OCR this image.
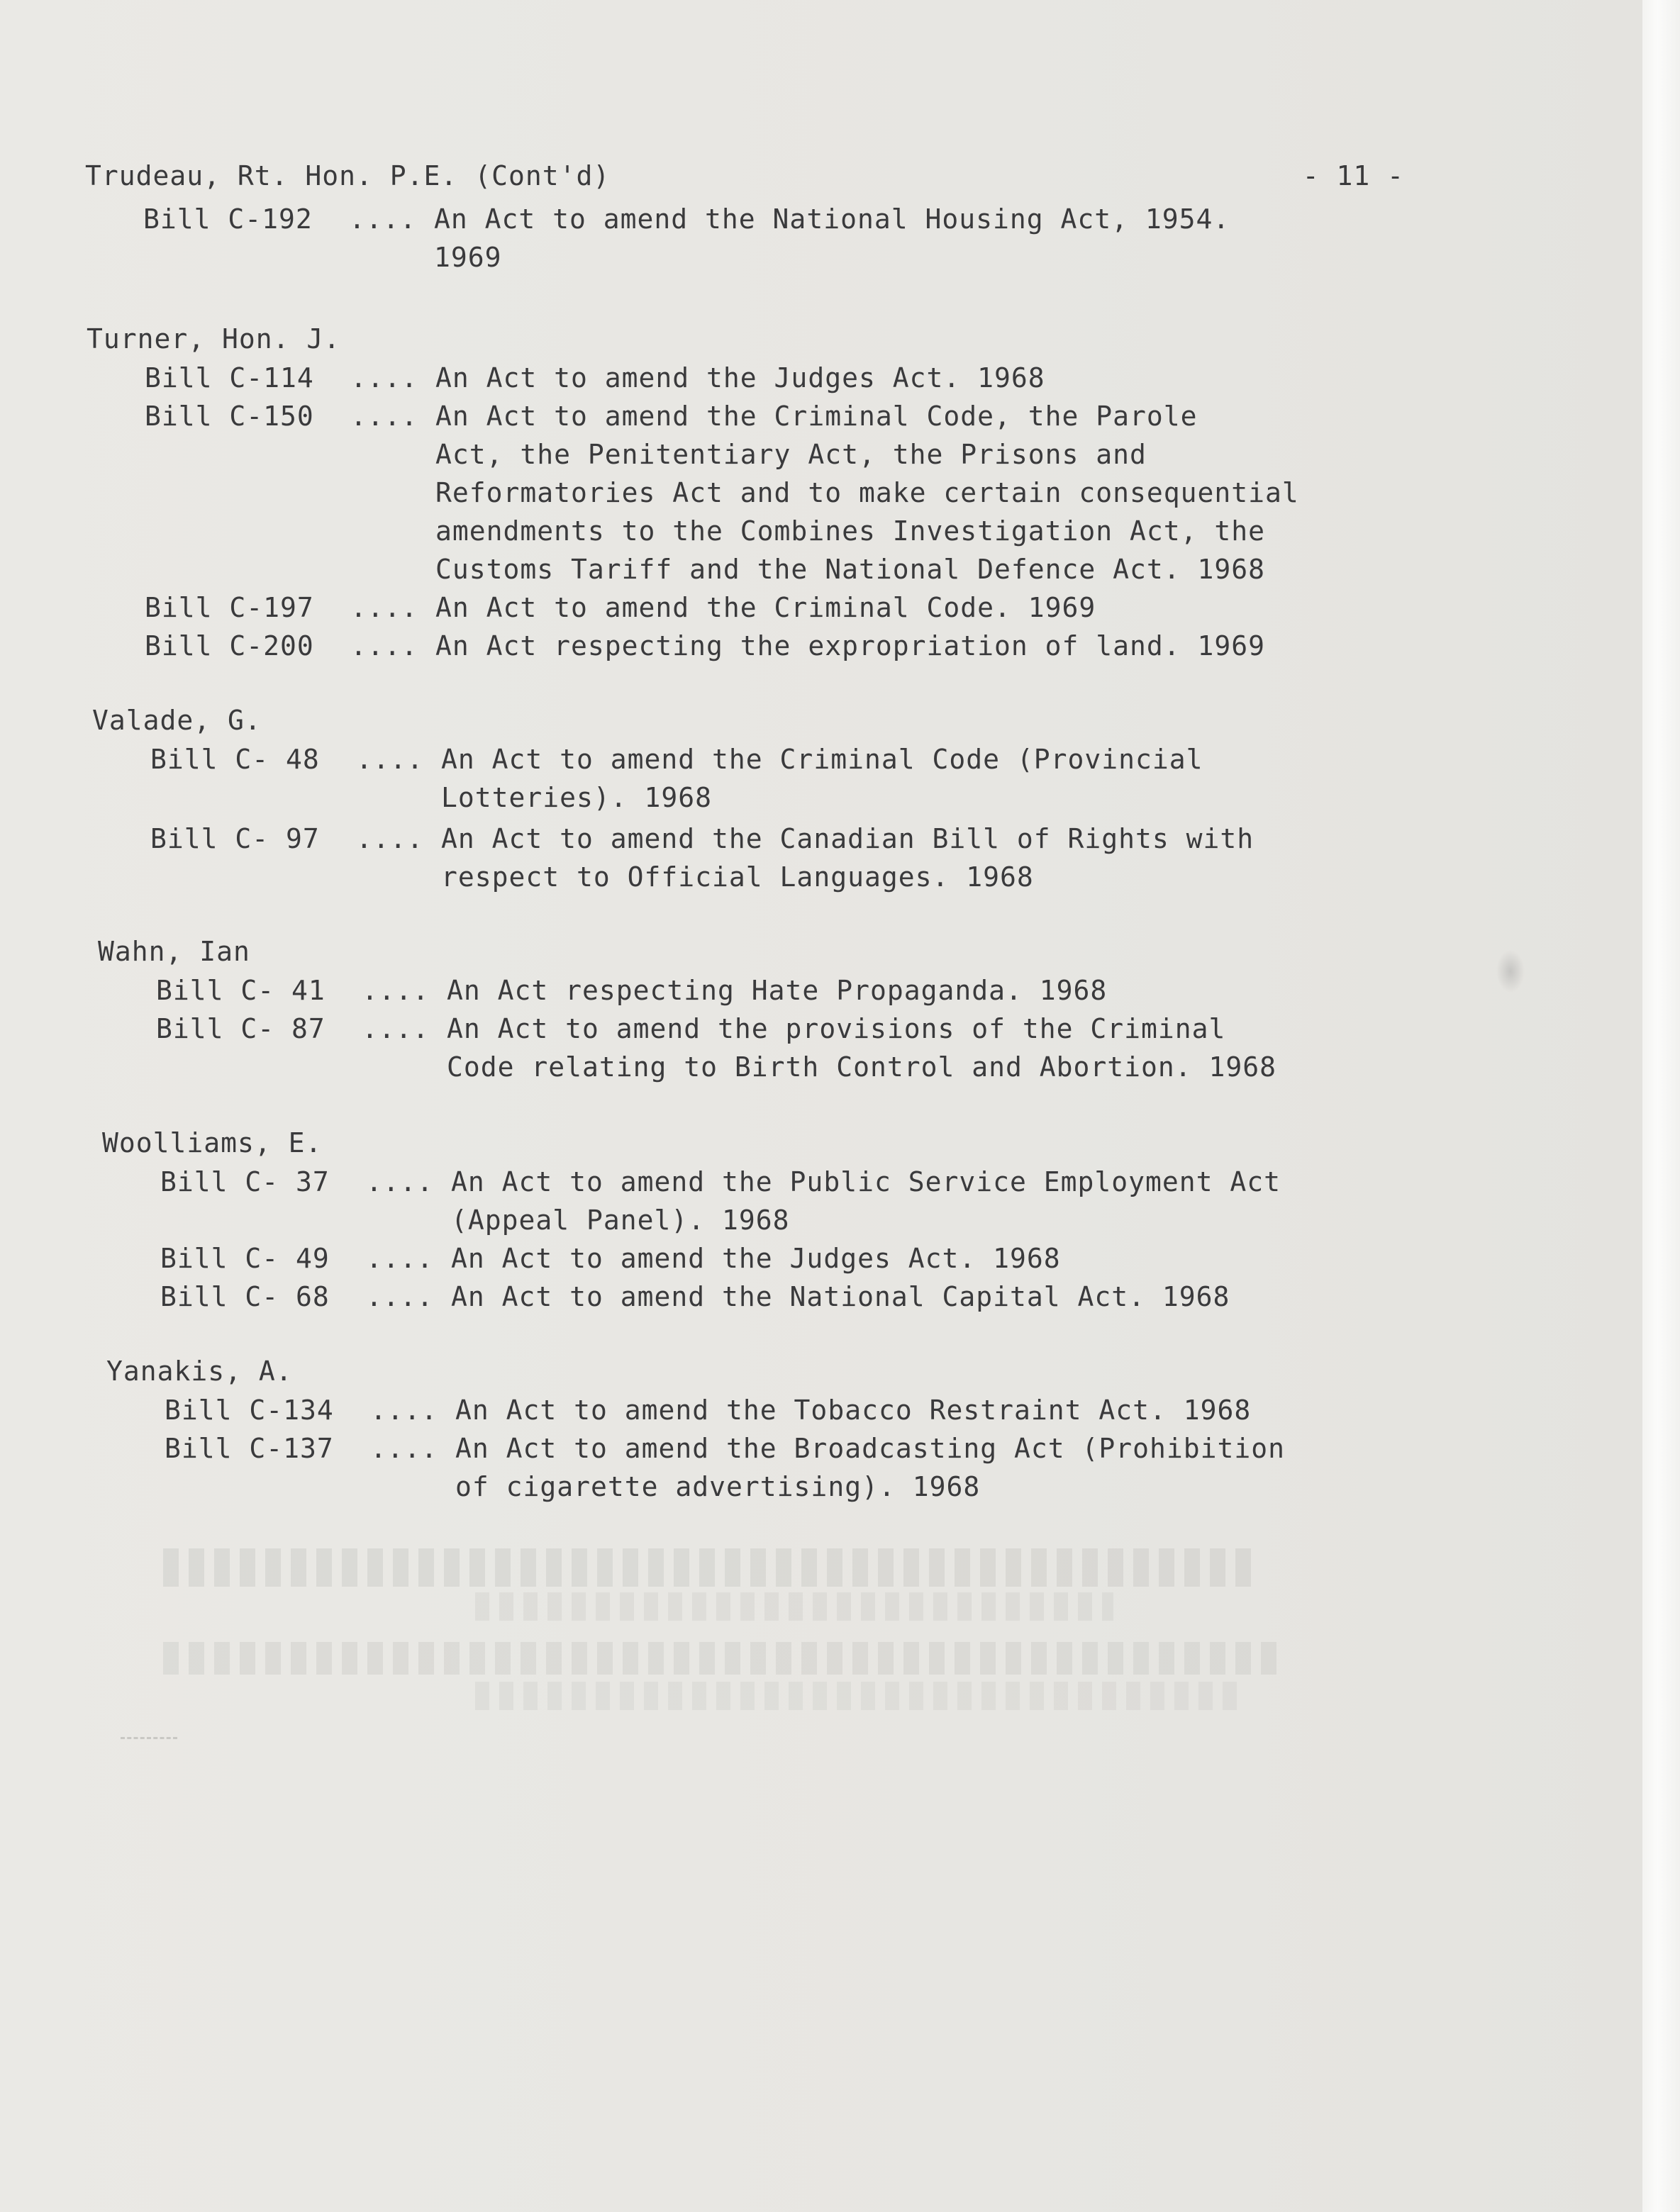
Trudeau, Rt. Hon. P.E. (Cont'd)	- 11 -
Bill C-192	.... An Act to amend the National Housing Act, 1954.
1969
Turner, Hon. J.
Bill C-114	.... An Act to amend the Judges Act. 1968
Bill C-150	.... An Act to amend the Criminal Code, the Parole
Act, the Penitentiary Act, the Prisons and
Reformatories Act and to make certain consequential
amendments to the Combines Investigation Act, the
Customs Tariff and the National Defence Act. 1968
Bill C-197	.... An Act to amend the Criminal Code. 1969
Bill C-200	.... An Act respecting the expropriation of land. 1969
Valade, G.
Bill C- 48	.... An Act to amend the Criminal Code (Provincial
Lotteries). 1968
Bill C- 97	.... An Act to amend the Canadian Bill of Rights with
respect to Official Languages. 1968
Wahn, Ian
Bill C- 41	.... An Act respecting Hate Propaganda. 1968
Bill C- 87	.... An Act to amend the provisions of the Criminal
Code relating to Birth Control and Abortion. 1968
Woolliams, E.
Bill C- 37	.... An Act to amend the Public Service Employment Act
(Appeal Panel). 1968
Bill C- 49	.... An Act to amend the Judges Act. 1968
Bill C- 68	.... An Act to amend the National Capital Act. 1968
Yanakis, A.
Bill C-134	.... An Act to amend the Tobacco Restraint Act. 1968
Bill C-137	.... An Act to amend the Broadcasting Act (Prohibition
of cigarette advertising). 1968
